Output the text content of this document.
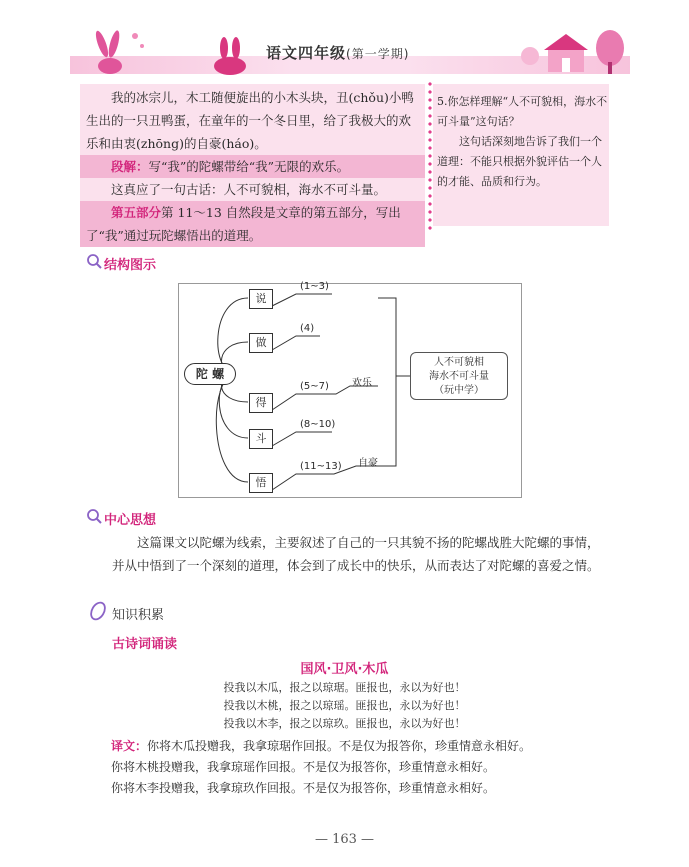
语文四年级(第一学期)

我的冰宗儿，木工随便旋出的小木头块，丑(chǒu)小鸭生出的一只丑鸭蛋，在童年的一个冬日里，给了我极大的欢乐和由衷(zhōng)的自豪(háo)。

段解：写“我”的陀螺带给“我”无限的欢乐。

这真应了一句古话：人不可貌相，海水不可斗量。

第五部分第 11～13 自然段是文章的第五部分，写出了“我”通过玩陀螺悟出的道理。

5.你怎样理解“人不可貌相，海水不可斗量”这句话？
这句话深刻地告诉了我们一个道理：不能只根据外貌评估一个人的才能、品质和行为。
结构图示
陀 螺
说
做
得
斗
悟
(1~3)
(4)
(5~7) 欢乐
(8~10)
(11~13) 自豪
人不可貌相
海水不可斗量
（玩中学）
中心思想
这篇课文以陀螺为线索，主要叙述了自己的一只其貌不扬的陀螺战胜大陀螺的事情，并从中悟到了一个深刻的道理，体会到了成长中的快乐，从而表达了对陀螺的喜爱之情。
知识积累
古诗词诵读
国风·卫风·木瓜
投我以木瓜，报之以琼琚。匪报也，永以为好也！
投我以木桃，报之以琼瑶。匪报也，永以为好也！
投我以木李，报之以琼玖。匪报也，永以为好也！
译文：你将木瓜投赠我，我拿琼琚作回报。不是仅为报答你，珍重情意永相好。
你将木桃投赠我，我拿琼瑶作回报。不是仅为报答你，珍重情意永相好。
你将木李投赠我，我拿琼玖作回报。不是仅为报答你，珍重情意永相好。
— 163 —
